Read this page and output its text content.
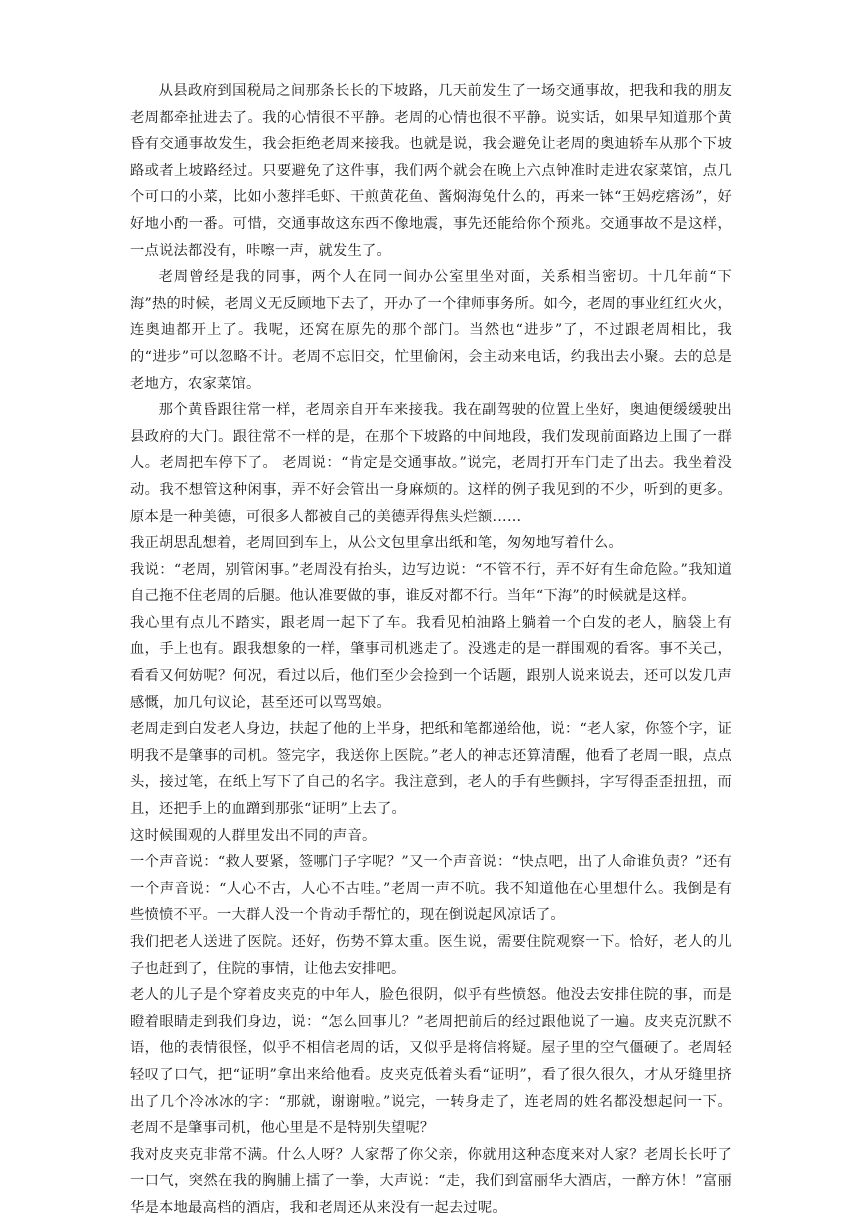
从县政府到国税局之间那条长长的下坡路，几天前发生了一场交通事故，把我和我的朋友老周都牵扯进去了。我的心情很不平静。老周的心情也很不平静。说实话，如果早知道那个黄昏有交通事故发生，我会拒绝老周来接我。也就是说，我会避免让老周的奥迪轿车从那个下坡路或者上坡路经过。只要避免了这件事，我们两个就会在晚上六点钟准时走进农家菜馆，点几个可口的小菜，比如小葱拌毛虾、干煎黄花鱼、酱焖海兔什么的，再来一钵“王妈疙瘩汤”，好好地小酌一番。可惜，交通事故这东西不像地震，事先还能给你个预兆。交通事故不是这样，一点说法都没有，咔嚓一声，就发生了。

老周曾经是我的同事，两个人在同一间办公室里坐对面，关系相当密切。十几年前“下海”热的时候，老周义无反顾地下去了，开办了一个律师事务所。如今，老周的事业红红火火，连奥迪都开上了。我呢，还窝在原先的那个部门。当然也“进步”了，不过跟老周相比，我的“进步”可以忽略不计。老周不忘旧交，忙里偷闲，会主动来电话，约我出去小聚。去的总是老地方，农家菜馆。

那个黄昏跟往常一样，老周亲自开车来接我。我在副驾驶的位置上坐好，奥迪便缓缓驶出县政府的大门。跟往常不一样的是，在那个下坡路的中间地段，我们发现前面路边上围了一群人。老周把车停下了。 老周说：“肯定是交通事故。”说完，老周打开车门走了出去。我坐着没动。我不想管这种闲事，弄不好会管出一身麻烦的。这样的例子我见到的不少，听到的更多。原本是一种美德，可很多人都被自己的美德弄得焦头烂额……

我正胡思乱想着，老周回到车上，从公文包里拿出纸和笔，匆匆地写着什么。

我说：“老周，别管闲事。”老周没有抬头，边写边说：“不管不行，弄不好有生命危险。”我知道自己拖不住老周的后腿。他认准要做的事，谁反对都不行。当年“下海”的时候就是这样。

我心里有点儿不踏实，跟老周一起下了车。我看见柏油路上躺着一个白发的老人，脑袋上有血，手上也有。跟我想象的一样，肇事司机逃走了。没逃走的是一群围观的看客。事不关己，看看又何妨呢？何况，看过以后，他们至少会捡到一个话题，跟别人说来说去，还可以发几声感慨，加几句议论，甚至还可以骂骂娘。

老周走到白发老人身边，扶起了他的上半身，把纸和笔都递给他，说：“老人家，你签个字，证明我不是肇事的司机。签完字，我送你上医院。”老人的神志还算清醒，他看了老周一眼，点点头，接过笔，在纸上写下了自己的名字。我注意到，老人的手有些颤抖，字写得歪歪扭扭，而且，还把手上的血蹭到那张“证明”上去了。

这时候围观的人群里发出不同的声音。

一个声音说：“救人要紧，签哪门子字呢？”又一个声音说：“快点吧，出了人命谁负责？”还有一个声音说：“人心不古，人心不古哇。”老周一声不吭。我不知道他在心里想什么。我倒是有些愤愤不平。一大群人没一个肯动手帮忙的，现在倒说起风凉话了。

我们把老人送进了医院。还好，伤势不算太重。医生说，需要住院观察一下。恰好，老人的儿子也赶到了，住院的事情，让他去安排吧。

老人的儿子是个穿着皮夹克的中年人，脸色很阴，似乎有些愤怒。他没去安排住院的事，而是瞪着眼睛走到我们身边，说：“怎么回事儿？”老周把前后的经过跟他说了一遍。皮夹克沉默不语，他的表情很怪，似乎不相信老周的话，又似乎是将信将疑。屋子里的空气僵硬了。老周轻轻叹了口气，把“证明”拿出来给他看。皮夹克低着头看“证明”，看了很久很久，才从牙缝里挤出了几个冷冰冰的字：“那就，谢谢啦。”说完，一转身走了，连老周的姓名都没想起问一下。老周不是肇事司机，他心里是不是特别失望呢？

我对皮夹克非常不满。什么人呀？人家帮了你父亲，你就用这种态度来对人家？老周长长吁了一口气，突然在我的胸脯上擂了一拳，大声说：“走，我们到富丽华大酒店，一醉方休！”富丽华是本地最高档的酒店，我和老周还从来没有一起去过呢。
